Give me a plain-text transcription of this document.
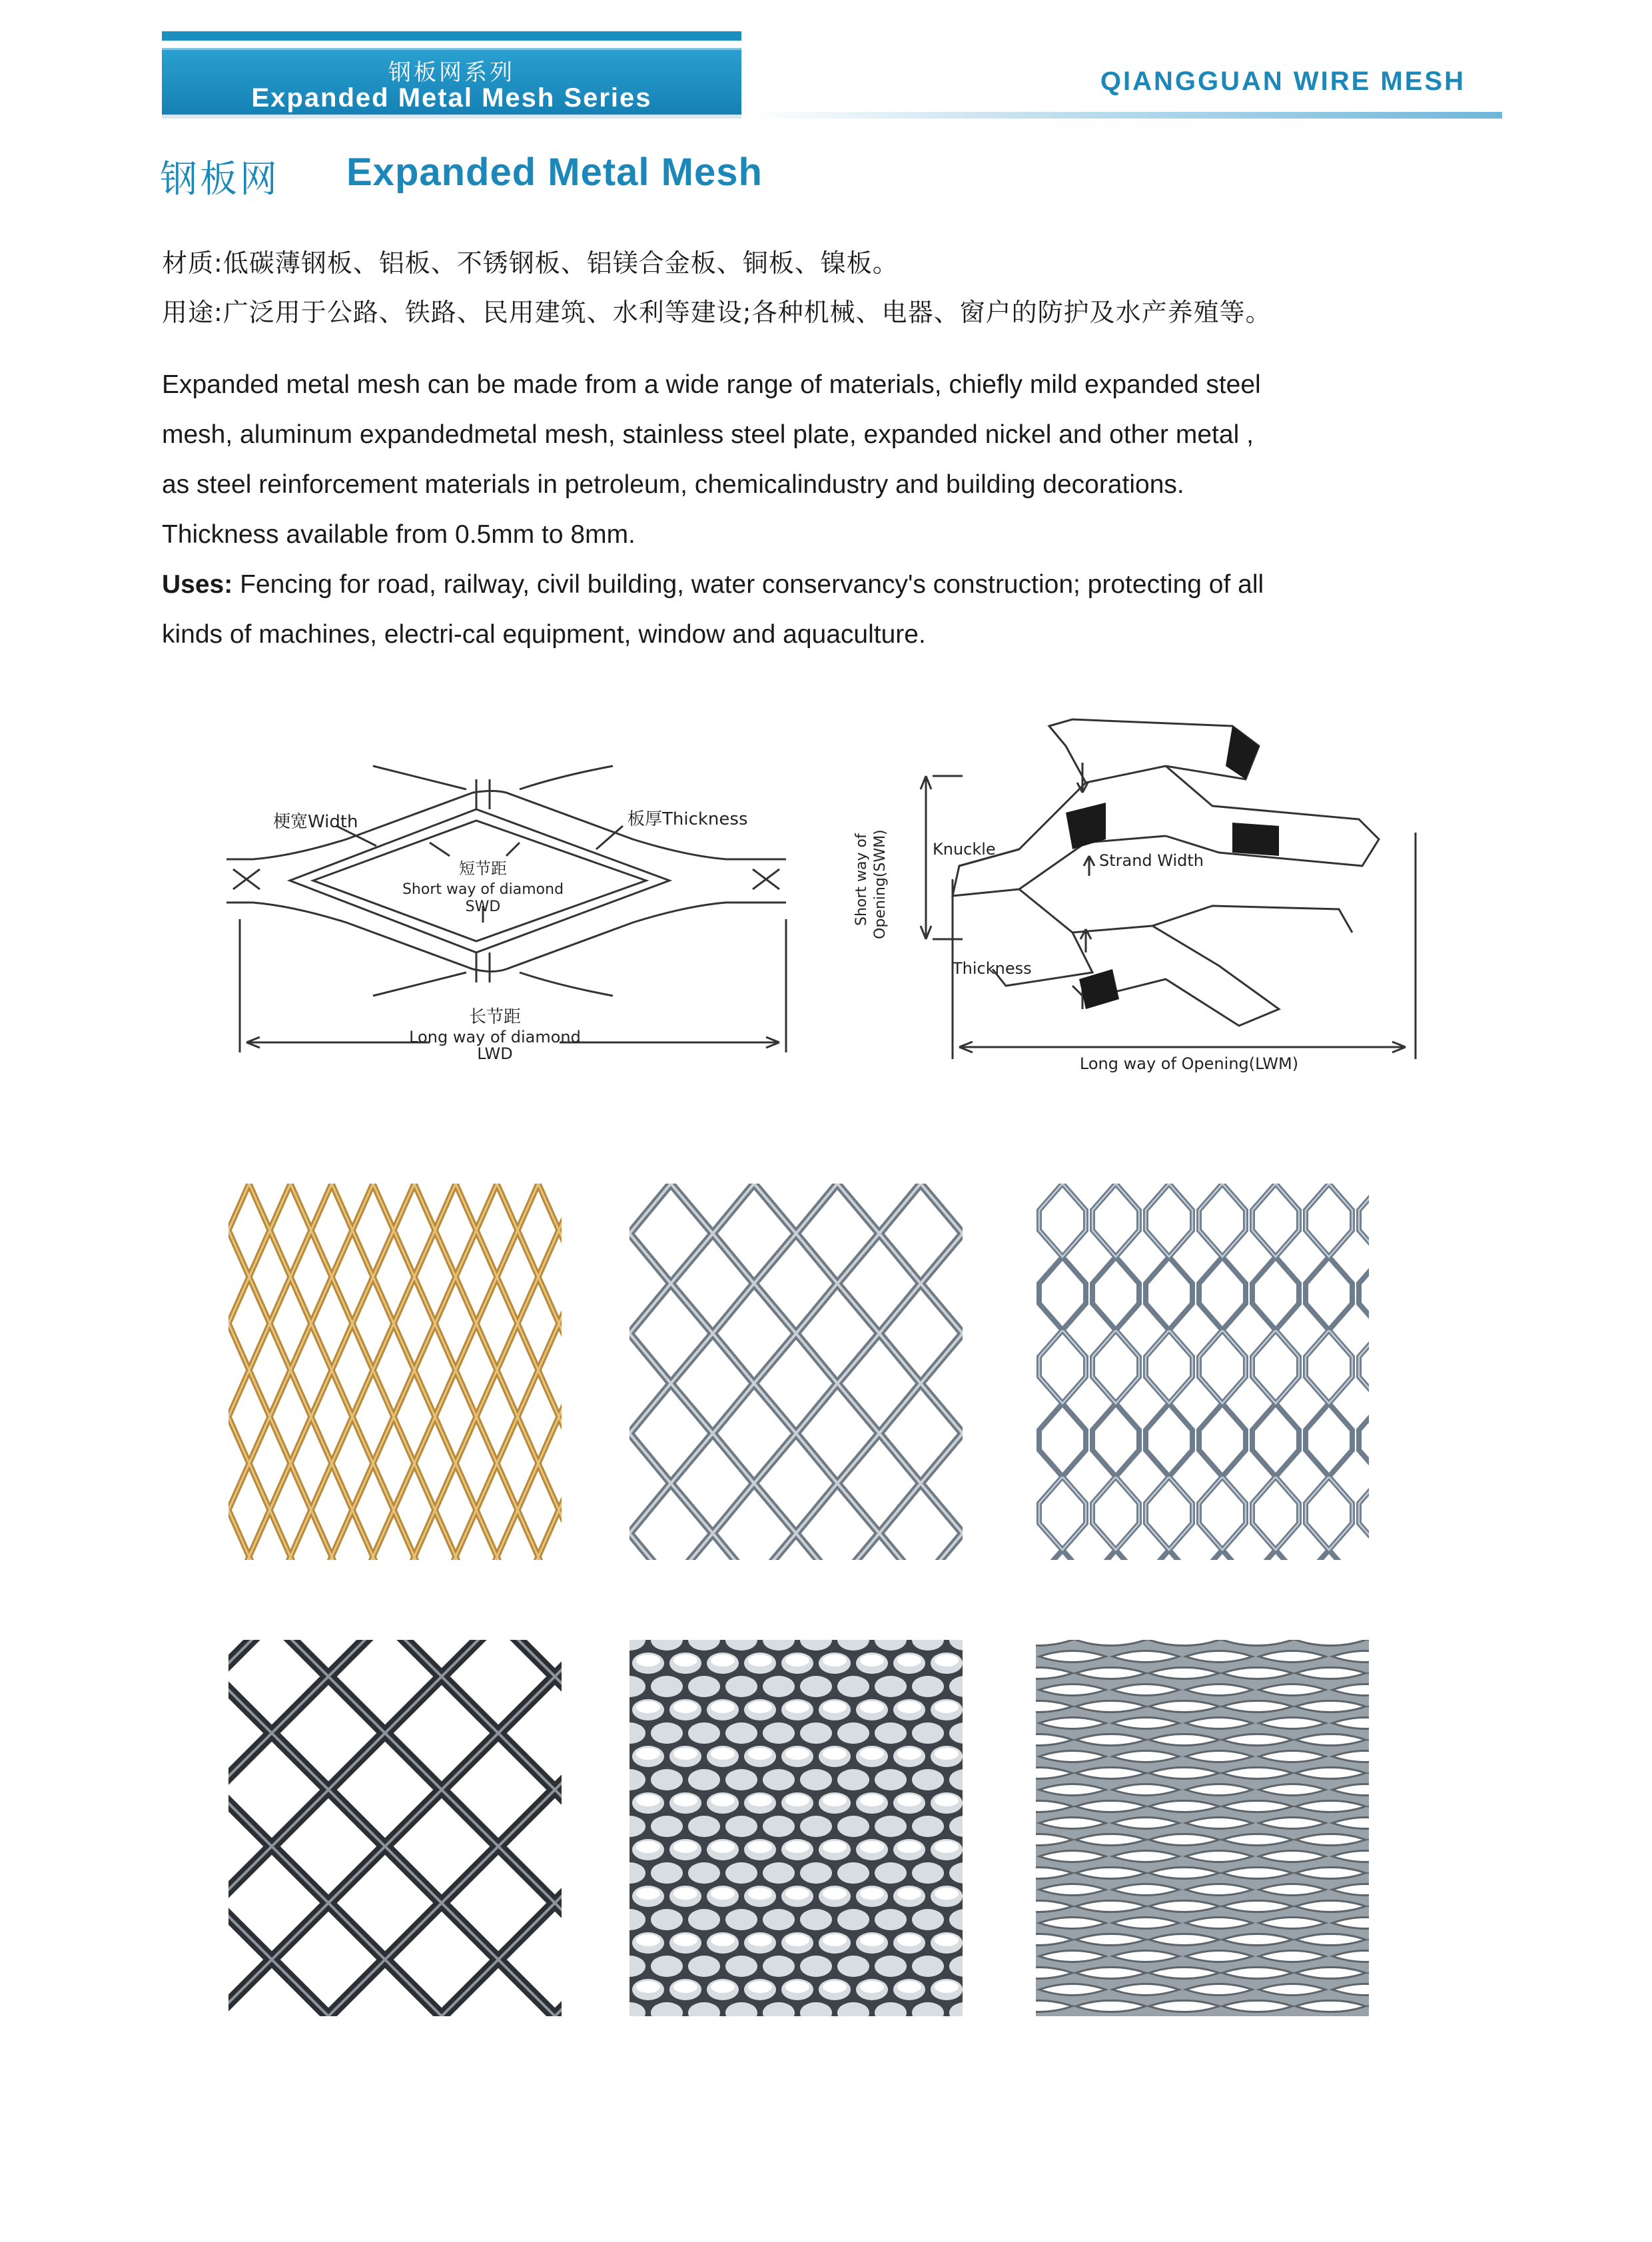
钢板网系列
Expanded Metal Mesh Series
QIANGGUAN WIRE MESH
钢板网 Expanded Metal Mesh
材质:低碳薄钢板、铝板、不锈钢板、铝镁合金板、铜板、镍板。
用途:广泛用于公路、铁路、民用建筑、水利等建设;各种机械、电器、窗户的防护及水产养殖等。

Expanded metal mesh can be made from a wide range of materials, chiefly mild expanded steel

mesh, aluminum expandedmetal mesh, stainless steel plate, expanded nickel and other metal ,

as steel reinforcement materials in petroleum, chemicalindustry and building decorations.

Thickness available from 0.5mm to 8mm.

Uses: Fencing for road, railway, civil building, water conservancy's construction; protecting of all

kinds of machines, electri-cal equipment, window and aquaculture.

梗宽Width	板厚Thickness
短节距
Short way of diamond
SWD
长节距
Long way of diamond
LWD
Knuckle
Strand Width
Thickness
Short way of Opening(SWM)
Long way of Opening(LWM)
